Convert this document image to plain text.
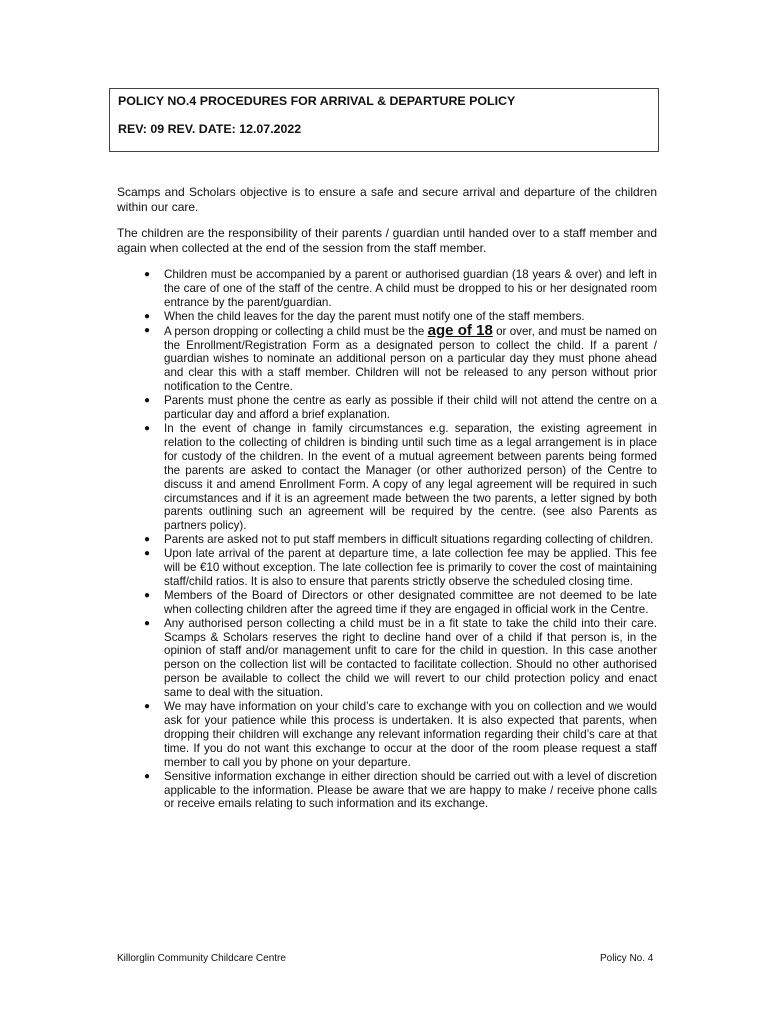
POLICY NO.4 PROCEDURES FOR ARRIVAL & DEPARTURE POLICY
REV: 09 REV. DATE: 12.07.2022

Scamps and Scholars objective is to ensure a safe and secure arrival and departure of the children within our care.

The children are the responsibility of their parents / guardian until handed over to a staff member and again when collected at the end of the session from the staff member.

● Children must be accompanied by a parent or authorised guardian (18 years & over) and left in the care of one of the staff of the centre. A child must be dropped to his or her designated room entrance by the parent/guardian.
● When the child leaves for the day the parent must notify one of the staff members.
● A person dropping or collecting a child must be the age of 18 or over, and must be named on the Enrollment/Registration Form as a designated person to collect the child. If a parent / guardian wishes to nominate an additional person on a particular day they must phone ahead and clear this with a staff member. Children will not be released to any person without prior notification to the Centre.
● Parents must phone the centre as early as possible if their child will not attend the centre on a particular day and afford a brief explanation.
● In the event of change in family circumstances e.g. separation, the existing agreement in relation to the collecting of children is binding until such time as a legal arrangement is in place for custody of the children. In the event of a mutual agreement between parents being formed the parents are asked to contact the Manager (or other authorized person) of the Centre to discuss it and amend Enrollment Form. A copy of any legal agreement will be required in such circumstances and if it is an agreement made between the two parents, a letter signed by both parents outlining such an agreement will be required by the centre. (see also Parents as partners policy).
● Parents are asked not to put staff members in difficult situations regarding collecting of children.
● Upon late arrival of the parent at departure time, a late collection fee may be applied. This fee will be €10 without exception. The late collection fee is primarily to cover the cost of maintaining staff/child ratios. It is also to ensure that parents strictly observe the scheduled closing time.
● Members of the Board of Directors or other designated committee are not deemed to be late when collecting children after the agreed time if they are engaged in official work in the Centre.
● Any authorised person collecting a child must be in a fit state to take the child into their care. Scamps & Scholars reserves the right to decline hand over of a child if that person is, in the opinion of staff and/or management unfit to care for the child in question. In this case another person on the collection list will be contacted to facilitate collection. Should no other authorised person be available to collect the child we will revert to our child protection policy and enact same to deal with the situation.
● We may have information on your child’s care to exchange with you on collection and we would ask for your patience while this process is undertaken. It is also expected that parents, when dropping their children will exchange any relevant information regarding their child’s care at that time. If you do not want this exchange to occur at the door of the room please request a staff member to call you by phone on your departure.
● Sensitive information exchange in either direction should be carried out with a level of discretion applicable to the information. Please be aware that we are happy to make / receive phone calls or receive emails relating to such information and its exchange.
Killorglin Community Childcare Centre	Policy No. 4
